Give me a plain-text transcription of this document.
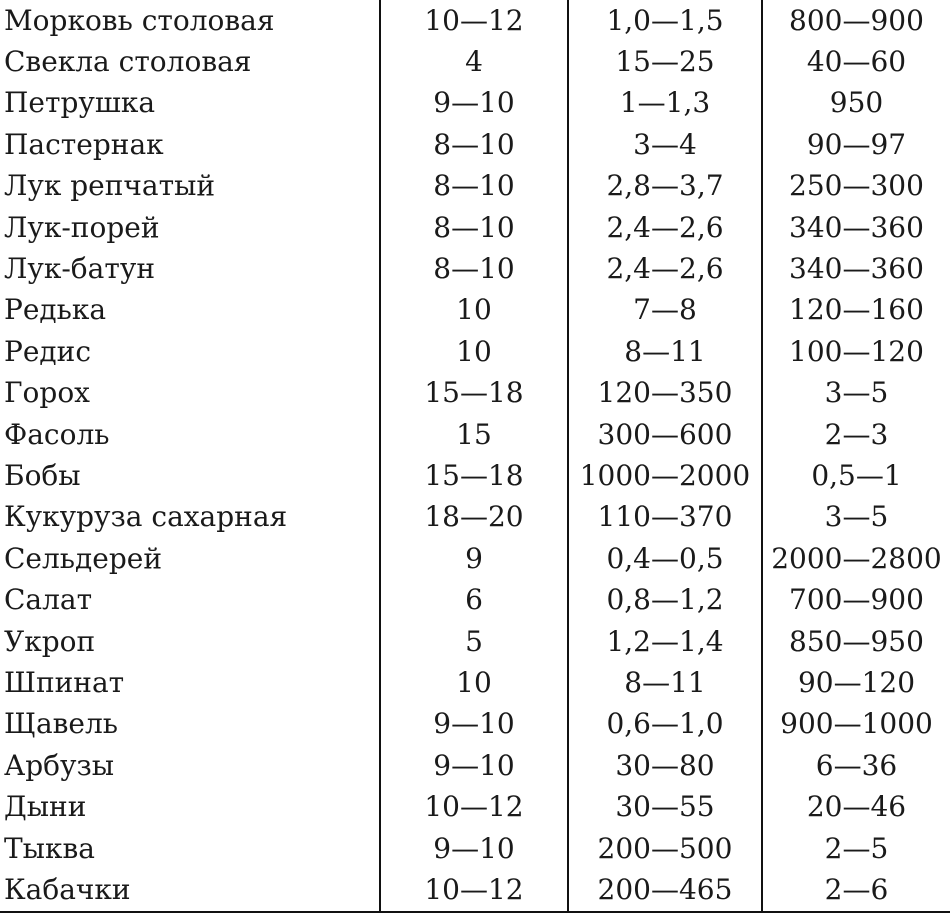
Морковь столовая	10—12	1,0—1,5	800—900
Свекла столовая	4	15—25	40—60
Петрушка	9—10	1—1,3	950
Пастернак	8—10	3—4	90—97
Лук репчатый	8—10	2,8—3,7	250—300
Лук-порей	8—10	2,4—2,6	340—360
Лук-батун	8—10	2,4—2,6	340—360
Редька	10	7—8	120—160
Редис	10	8—11	100—120
Горох	15—18	120—350	3—5
Фасоль	15	300—600	2—3
Бобы	15—18	1000—2000	0,5—1
Кукуруза сахарная	18—20	110—370	3—5
Сельдерей	9	0,4—0,5	2000—2800
Салат	6	0,8—1,2	700—900
Укроп	5	1,2—1,4	850—950
Шпинат	10	8—11	90—120
Щавель	9—10	0,6—1,0	900—1000
Арбузы	9—10	30—80	6—36
Дыни	10—12	30—55	20—46
Тыква	9—10	200—500	2—5
Кабачки	10—12	200—465	2—6
